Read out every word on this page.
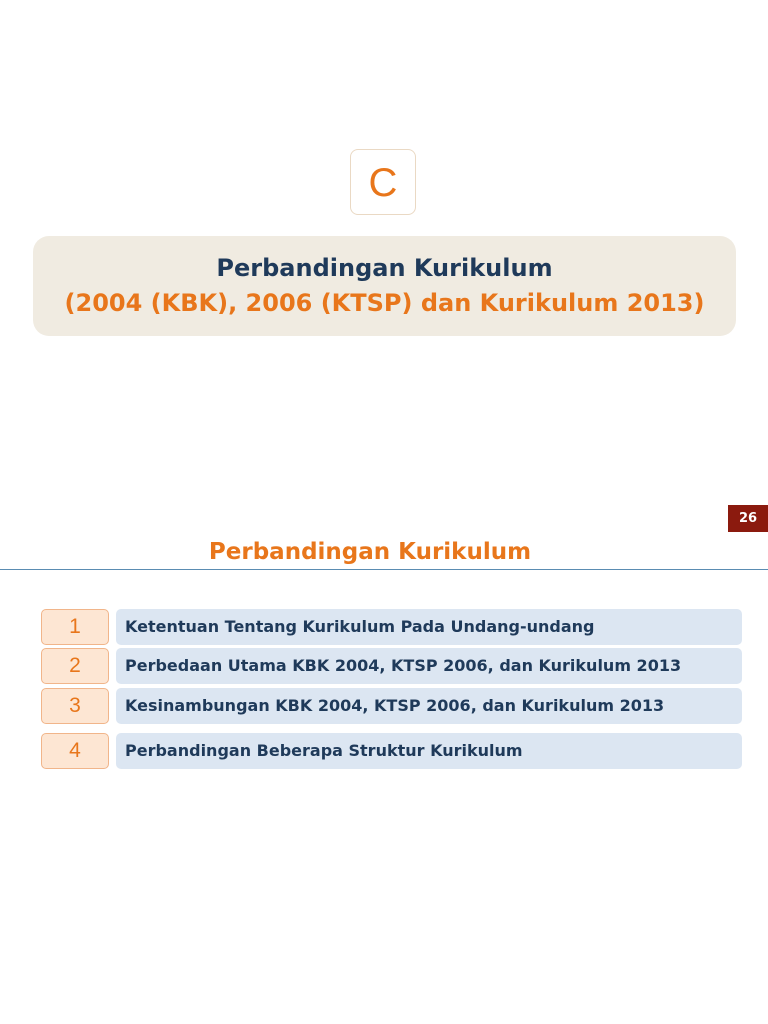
C
Perbandingan Kurikulum
(2004 (KBK), 2006 (KTSP) dan Kurikulum 2013)
26
Perbandingan Kurikulum
1	Ketentuan Tentang Kurikulum Pada Undang-undang
2	Perbedaan Utama KBK 2004, KTSP 2006, dan Kurikulum 2013
3	Kesinambungan KBK 2004, KTSP 2006, dan Kurikulum 2013
4	Perbandingan Beberapa Struktur Kurikulum
